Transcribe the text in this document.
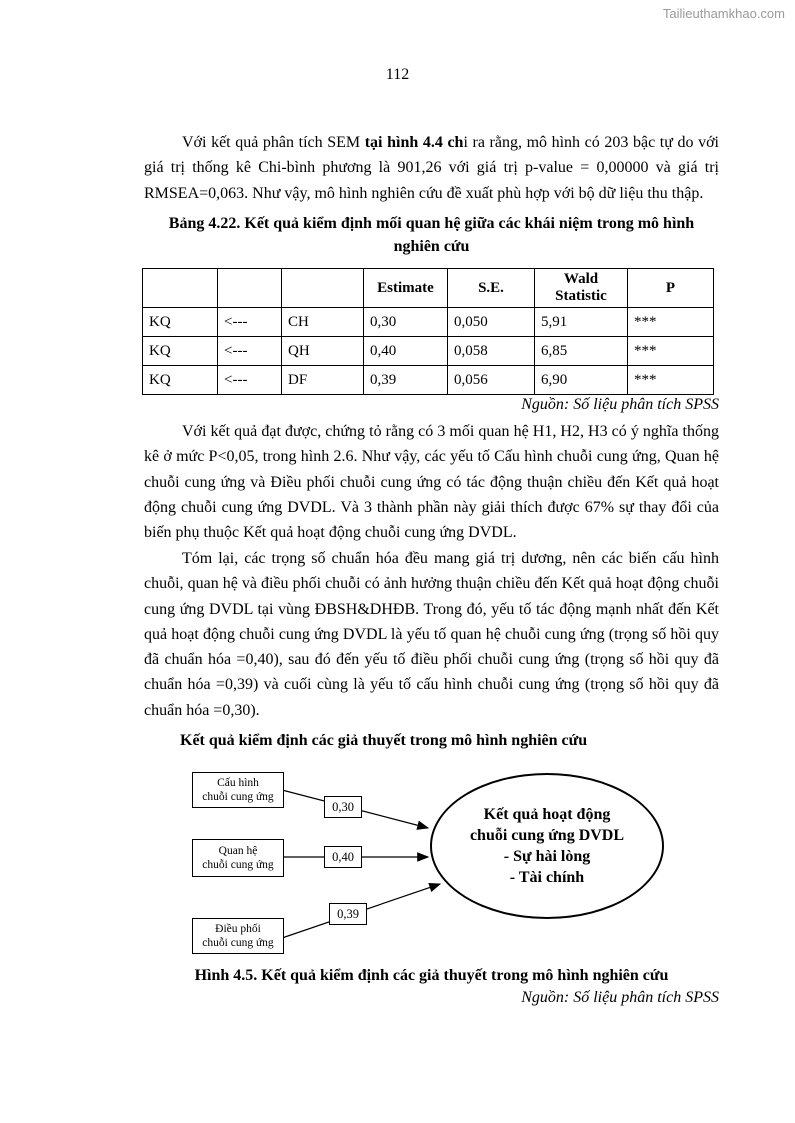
Tailieuthamkhao.com
112

Với kết quả phân tích SEM tại hình 4.4 chi ra rằng, mô hình có 203 bậc tự do với giá trị thống kê Chi-bình phương là 901,26 với giá trị p-value = 0,00000 và giá trị RMSEA=0,063. Như vậy, mô hình nghiên cứu đề xuất phù hợp với bộ dữ liệu thu thập.

Bảng 4.22. Kết quả kiểm định mối quan hệ giữa các khái niệm trong mô hình
nghiên cứu

			Estimate	S.E.	Wald Statistic	P
KQ	<---	CH	0,30	0,050	5,91	***
KQ	<---	QH	0,40	0,058	6,85	***
KQ	<---	DF	0,39	0,056	6,90	***
Nguồn: Số liệu phân tích SPSS

Với kết quả đạt được, chứng tỏ rằng có 3 mối quan hệ H1, H2, H3 có ý nghĩa thống kê ở mức P<0,05, trong hình 2.6. Như vậy, các yếu tố Cấu hình chuỗi cung ứng, Quan hệ chuỗi cung ứng và Điều phối chuỗi cung ứng có tác động thuận chiều đến Kết quả hoạt động chuỗi cung ứng DVDL. Và 3 thành phần này giải thích được 67% sự thay đổi của biến phụ thuộc Kết quả hoạt động chuỗi cung ứng DVDL.

Tóm lại, các trọng số chuẩn hóa đều mang giá trị dương, nên các biến cấu hình chuỗi, quan hệ và điều phối chuỗi có ảnh hưởng thuận chiều đến Kết quả hoạt động chuỗi cung ứng DVDL tại vùng ĐBSH&DHĐB. Trong đó, yếu tố tác động mạnh nhất đến Kết quả hoạt động chuỗi cung ứng DVDL là yếu tố quan hệ chuỗi cung ứng (trọng số hồi quy đã chuẩn hóa =0,40), sau đó đến yếu tố điều phối chuỗi cung ứng (trọng số hồi quy đã chuẩn hóa =0,39) và cuối cùng là yếu tố cấu hình chuỗi cung ứng (trọng số hồi quy đã chuẩn hóa =0,30).

Kết quả kiểm định các giả thuyết trong mô hình nghiên cứu
Cấu hình
chuỗi cung ứng
Quan hệ
chuỗi cung ứng
Điều phối
chuỗi cung ứng
0,30
0,40
0,39
Kết quả hoạt động
chuỗi cung ứng DVDL
- Sự hài lòng
- Tài chính
Hình 4.5. Kết quả kiểm định các giả thuyết trong mô hình nghiên cứu
Nguồn: Số liệu phân tích SPSS
